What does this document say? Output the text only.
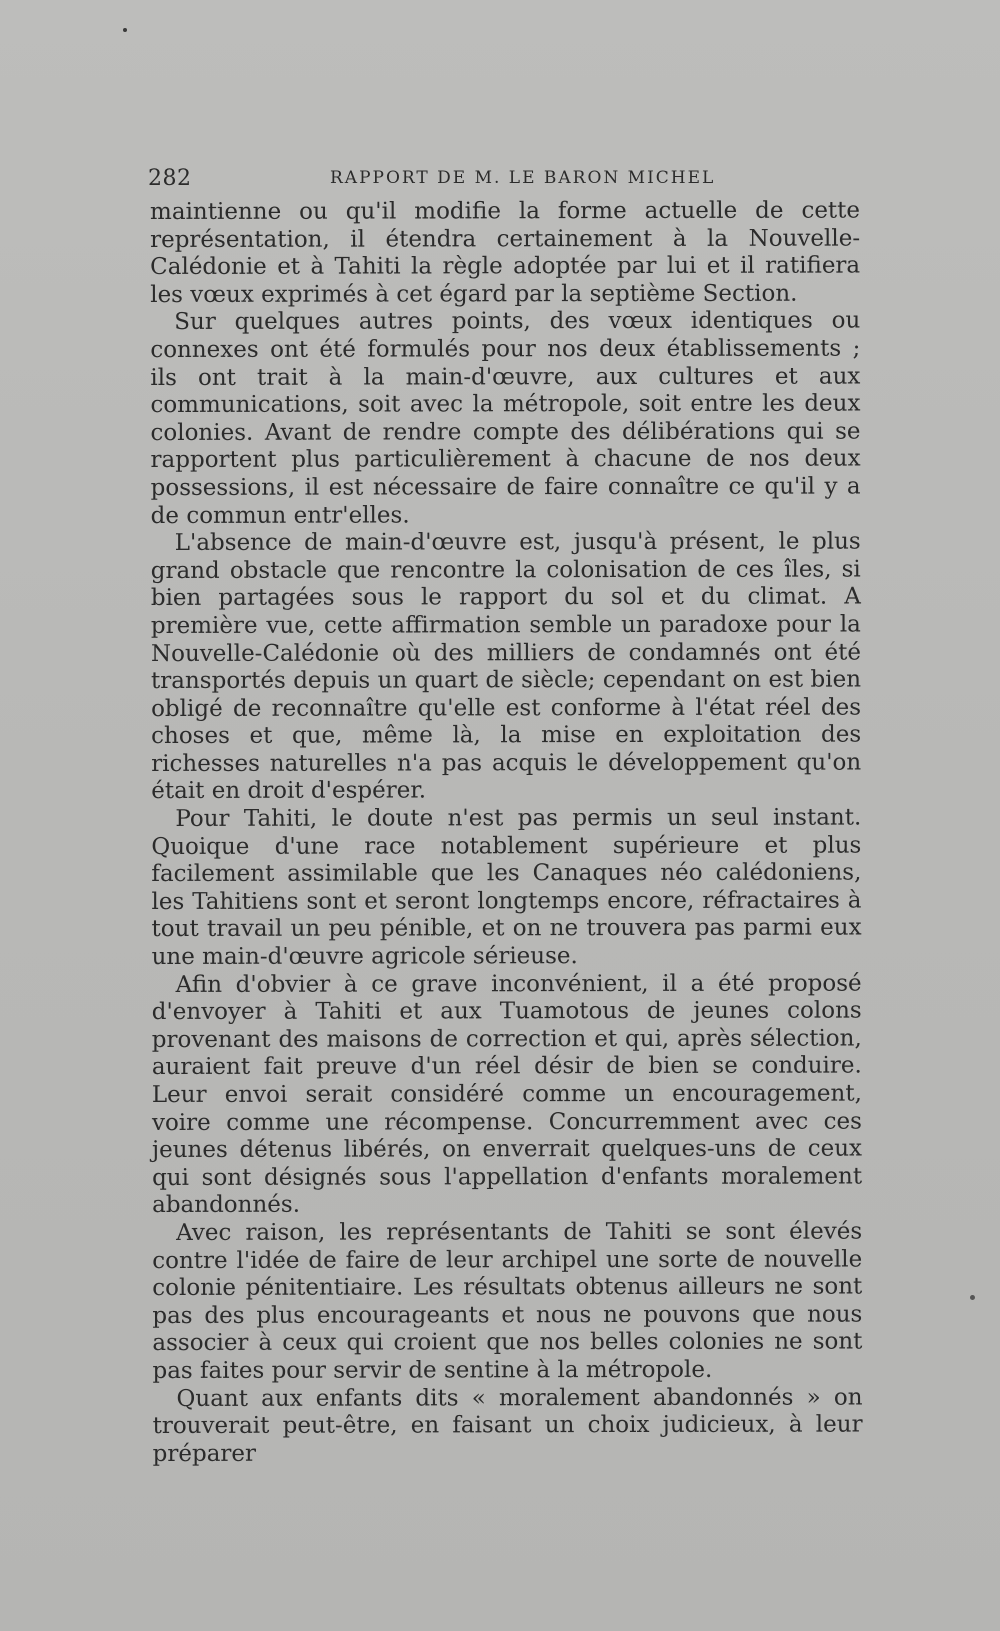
282	RAPPORT DE M. LE BARON MICHEL

maintienne ou qu'il modifie la forme actuelle de cette représentation, il étendra certainement à la Nouvelle-Calédonie et à Tahiti la règle adoptée par lui et il ratifiera les vœux exprimés à cet égard par la septième Section.

Sur quelques autres points, des vœux identiques ou connexes ont été formulés pour nos deux établissements ; ils ont trait à la main-d'œuvre, aux cultures et aux communications, soit avec la métropole, soit entre les deux colonies. Avant de rendre compte des délibérations qui se rapportent plus particulièrement à chacune de nos deux possessions, il est nécessaire de faire connaître ce qu'il y a de commun entr'elles.

L'absence de main-d'œuvre est, jusqu'à présent, le plus grand obstacle que rencontre la colonisation de ces îles, si bien partagées sous le rapport du sol et du climat. A première vue, cette affirmation semble un paradoxe pour la Nouvelle-Calédonie où des milliers de condamnés ont été transportés depuis un quart de siècle; cependant on est bien obligé de reconnaître qu'elle est conforme à l'état réel des choses et que, même là, la mise en exploitation des richesses naturelles n'a pas acquis le développement qu'on était en droit d'espérer.

Pour Tahiti, le doute n'est pas permis un seul instant. Quoique d'une race notablement supérieure et plus facilement assimilable que les Canaques néo calédoniens, les Tahitiens sont et seront longtemps encore, réfractaires à tout travail un peu pénible, et on ne trouvera pas parmi eux une main-d'œuvre agricole sérieuse.

Afin d'obvier à ce grave inconvénient, il a été proposé d'envoyer à Tahiti et aux Tuamotous de jeunes colons provenant des maisons de correction et qui, après sélection, auraient fait preuve d'un réel désir de bien se conduire. Leur envoi serait considéré comme un encouragement, voire comme une récompense. Concurremment avec ces jeunes détenus libérés, on enverrait quelques-uns de ceux qui sont désignés sous l'appellation d'enfants moralement abandonnés.

Avec raison, les représentants de Tahiti se sont élevés contre l'idée de faire de leur archipel une sorte de nouvelle colonie pénitentiaire. Les résultats obtenus ailleurs ne sont pas des plus encourageants et nous ne pouvons que nous associer à ceux qui croient que nos belles colonies ne sont pas faites pour servir de sentine à la métropole.

Quant aux enfants dits « moralement abandonnés » on trouverait peut-être, en faisant un choix judicieux, à leur préparer
